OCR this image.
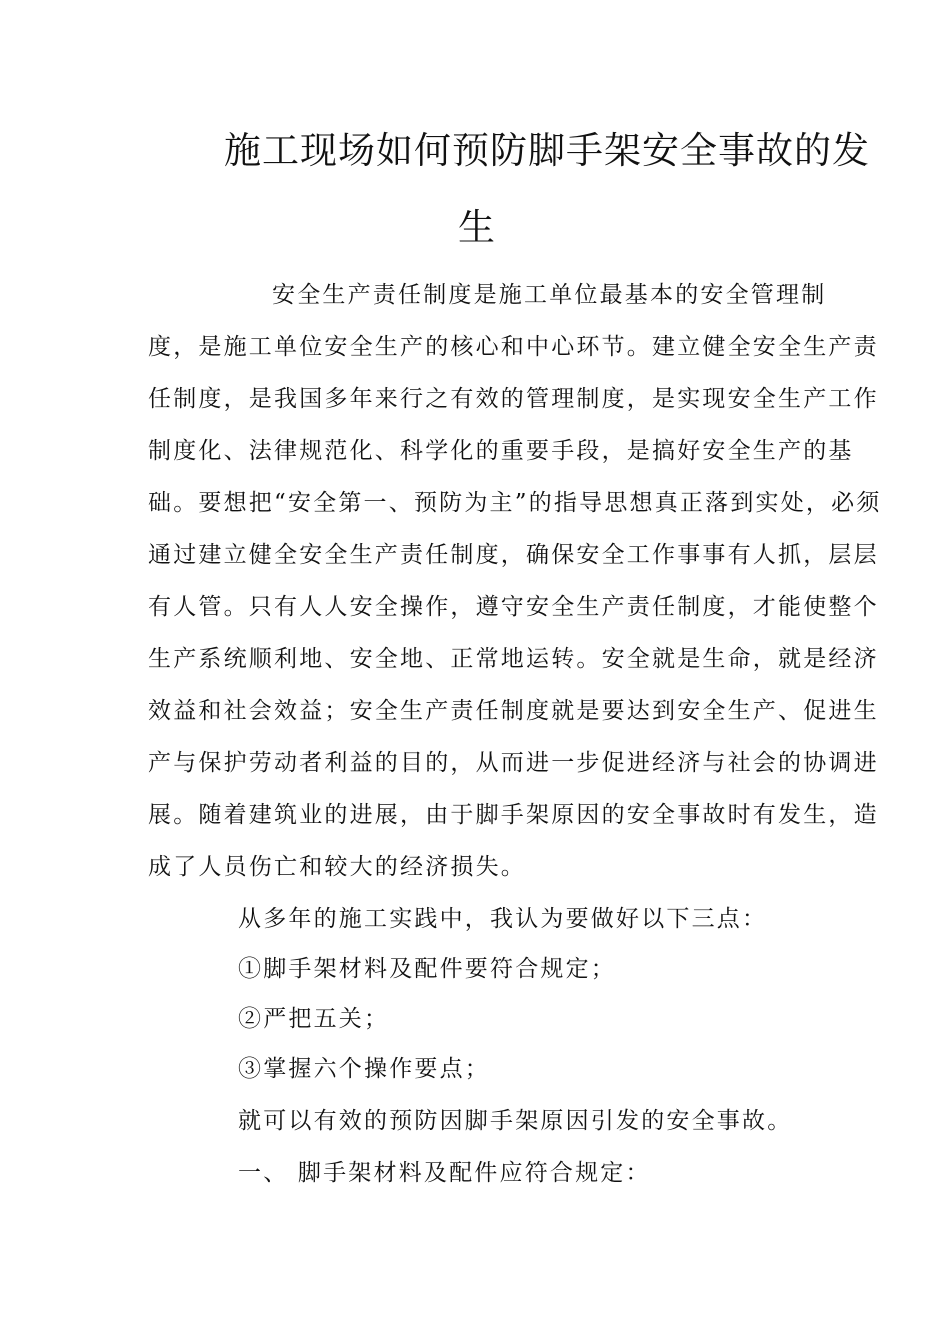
施工现场如何预防脚手架安全事故的发
生
安全生产责任制度是施工单位最基本的安全管理制
度，是施工单位安全生产的核心和中心环节。建立健全安全生产责
任制度，是我国多年来行之有效的管理制度，是实现安全生产工作
制度化、法律规范化、科学化的重要手段，是搞好安全生产的基
础。要想把“安全第一、预防为主”的指导思想真正落到实处，必须
通过建立健全安全生产责任制度，确保安全工作事事有人抓，层层
有人管。只有人人安全操作，遵守安全生产责任制度，才能使整个
生产系统顺利地、安全地、正常地运转。安全就是生命，就是经济
效益和社会效益；安全生产责任制度就是要达到安全生产、促进生
产与保护劳动者利益的目的，从而进一步促进经济与社会的协调进
展。随着建筑业的进展，由于脚手架原因的安全事故时有发生，造
成了人员伤亡和较大的经济损失。
从多年的施工实践中，我认为要做好以下三点：
①脚手架材料及配件要符合规定；
②严把五关；
③掌握六个操作要点；
就可以有效的预防因脚手架原因引发的安全事故。
一、 脚手架材料及配件应符合规定：
